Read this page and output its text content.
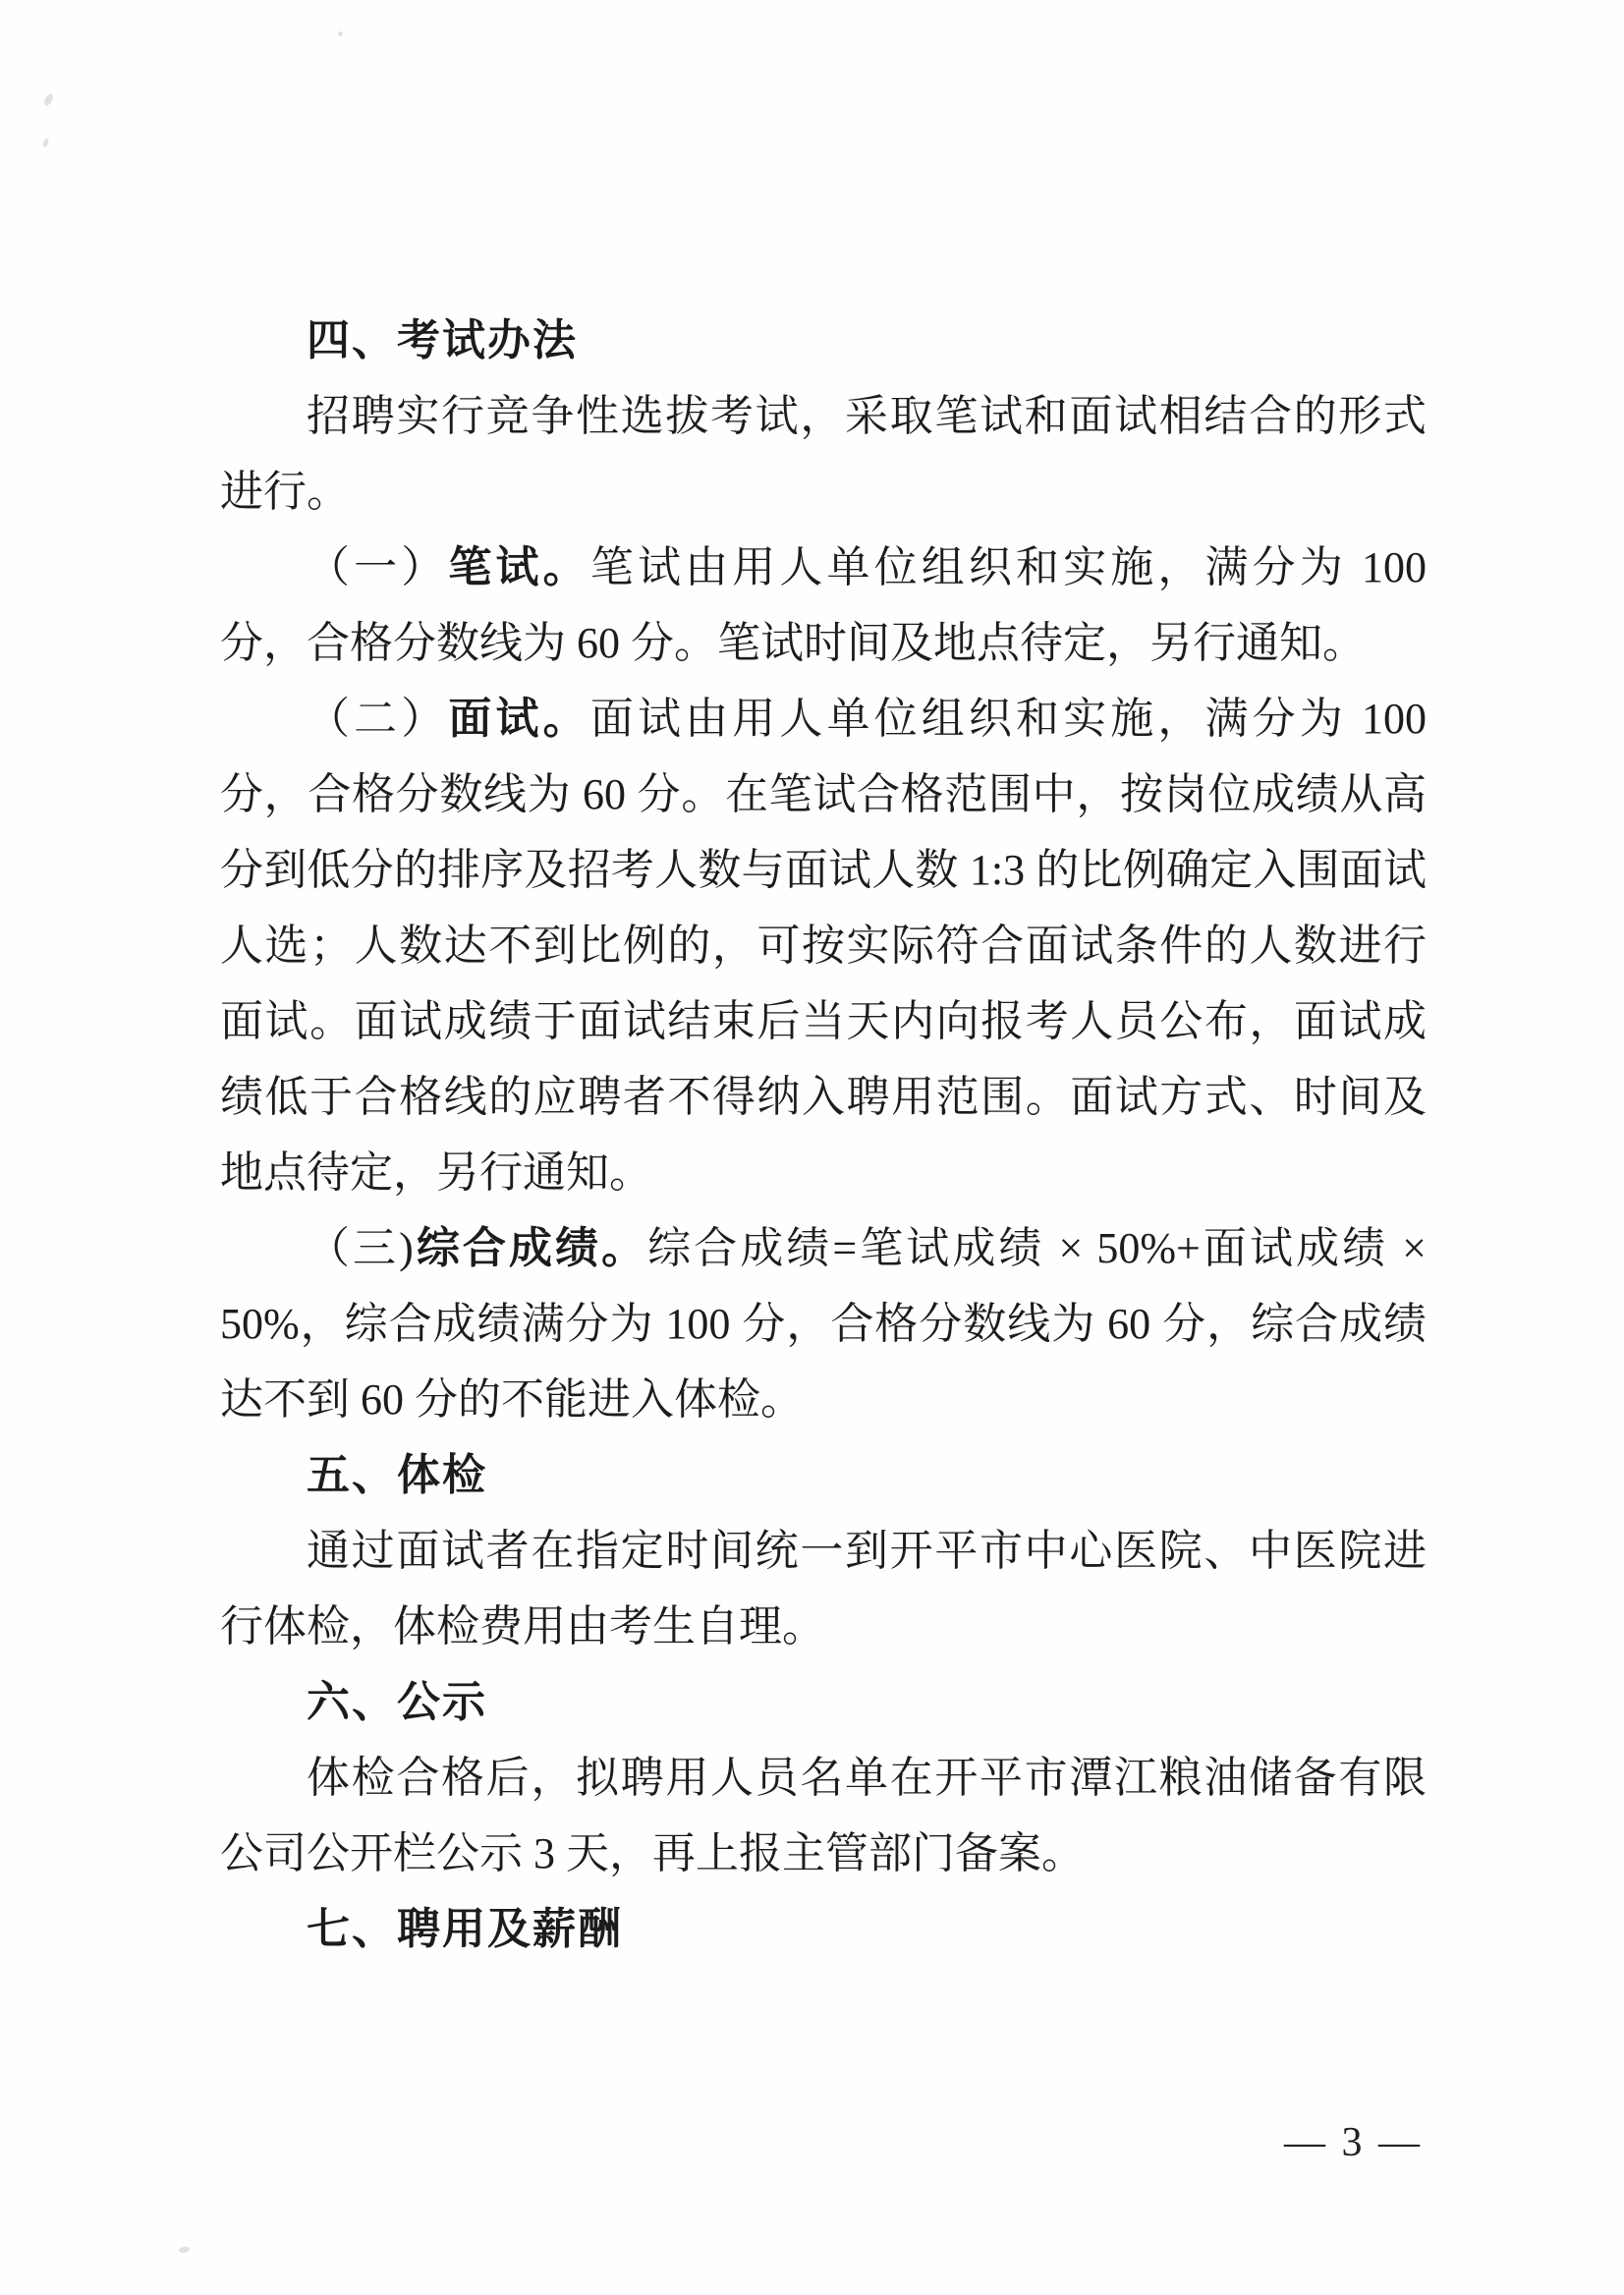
四、考试办法

招聘实行竞争性选拔考试，采取笔试和面试相结合的形式进行。

（一）笔试。笔试由用人单位组织和实施，满分为 100 分，合格分数线为 60 分。笔试时间及地点待定，另行通知。

（二）面试。面试由用人单位组织和实施，满分为 100 分，合格分数线为 60 分。在笔试合格范围中，按岗位成绩从高分到低分的排序及招考人数与面试人数 1:3 的比例确定入围面试人选；人数达不到比例的，可按实际符合面试条件的人数进行面试。面试成绩于面试结束后当天内向报考人员公布，面试成绩低于合格线的应聘者不得纳入聘用范围。面试方式、时间及地点待定，另行通知。

（三)综合成绩。综合成绩=笔试成绩 × 50%+面试成绩 × 50%，综合成绩满分为 100 分，合格分数线为 60 分，综合成绩达不到 60 分的不能进入体检。

五、体检

通过面试者在指定时间统一到开平市中心医院、中医院进行体检，体检费用由考生自理。

六、公示

体检合格后，拟聘用人员名单在开平市潭江粮油储备有限公司公开栏公示 3 天，再上报主管部门备案。

七、聘用及薪酬
— 3 —
